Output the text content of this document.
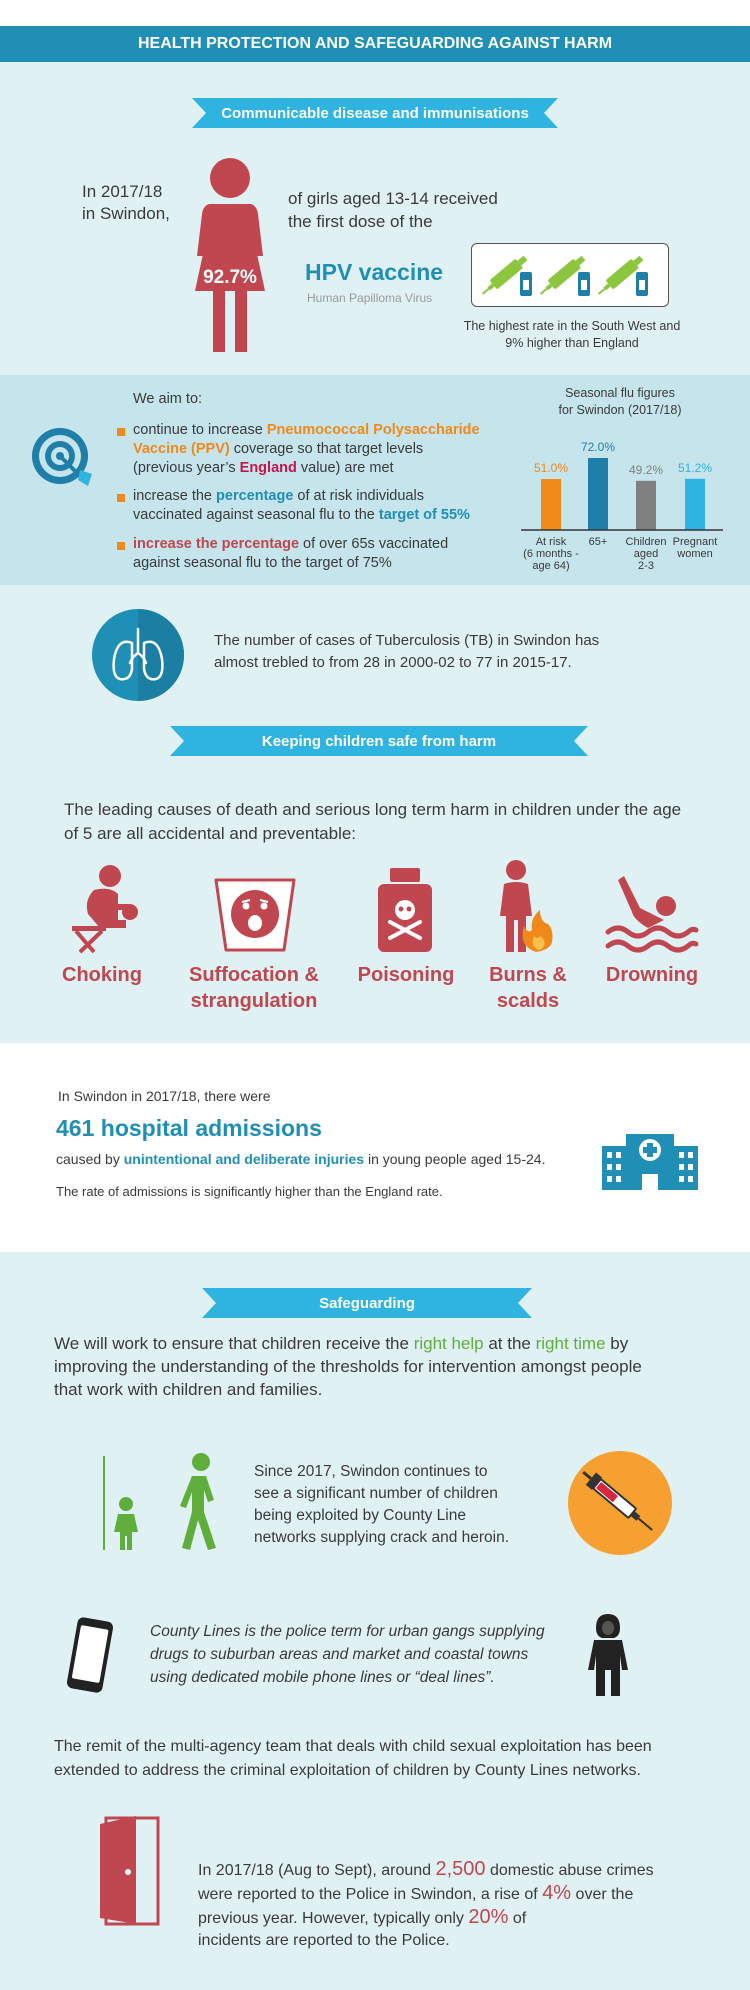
HEALTH PROTECTION AND SAFEGUARDING AGAINST HARM
Communicable disease and immunisations
In 2017/18
in Swindon,
92.7%
of girls aged 13-14 received
the first dose of the
HPV vaccine
Human Papilloma Virus
The highest rate in the South West and
9% higher than England
We aim to:
continue to increase Pneumococcal Polysaccharide
Vaccine (PPV) coverage so that target levels
(previous year’s England value) are met
increase the percentage of at risk individuals
vaccinated against seasonal flu to the target of 55%
increase the percentage of over 65s vaccinated
against seasonal flu to the target of 75%
Seasonal flu figures
for Swindon (2017/18)
51.0%
At risk
(6 months -
age 64)
72.0%
65+
49.2%
Children
aged
2-3
51.2%
Pregnant
women
The number of cases of Tuberculosis (TB) in Swindon has
almost trebled to from 28 in 2000-02 to 77 in 2015-17.
Keeping children safe from harm
The leading causes of death and serious long term harm in children under the age
of 5 are all accidental and preventable:
Choking	Suffocation &
strangulation
Poisoning	Burns &
scalds
Drowning
In Swindon in 2017/18, there were
461 hospital admissions
caused by unintentional and deliberate injuries in young people aged 15-24.
The rate of admissions is significantly higher than the England rate.
Safeguarding
We will work to ensure that children receive the right help at the right time by
improving the understanding of the thresholds for intervention amongst people
that work with children and families.
Since 2017, Swindon continues to
see a significant number of children
being exploited by County Line
networks supplying crack and heroin.
County Lines is the police term for urban gangs supplying
drugs to suburban areas and market and coastal towns
using dedicated mobile phone lines or “deal lines”.
The remit of the multi-agency team that deals with child sexual exploitation has been
extended to address the criminal exploitation of children by County Lines networks.
In 2017/18 (Aug to Sept), around 2,500 domestic abuse crimes
were reported to the Police in Swindon, a rise of 4% over the
previous year. However, typically only 20% of
incidents are reported to the Police.
